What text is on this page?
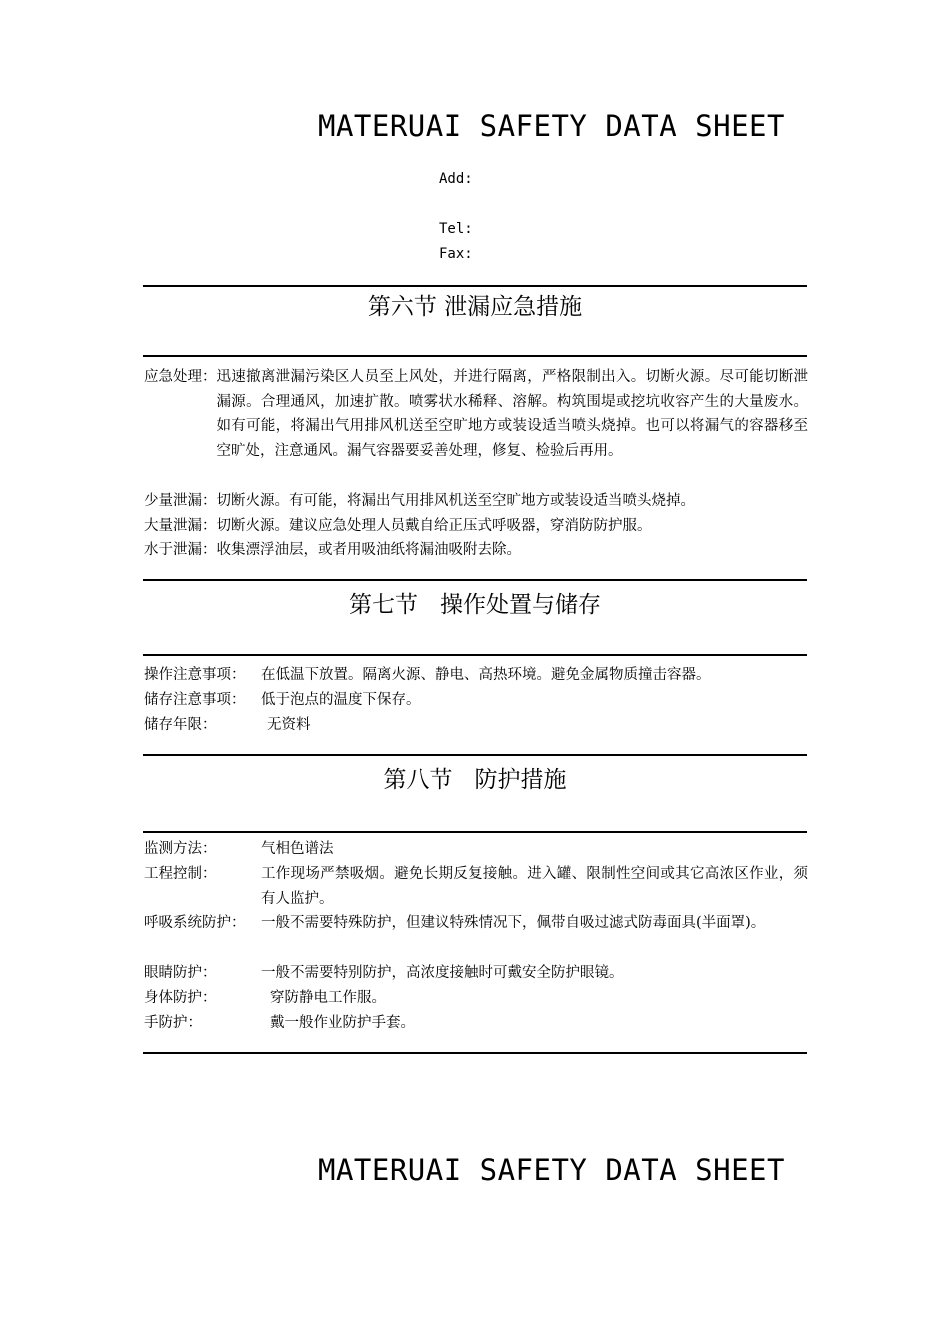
MATERUAI SAFETY DATA SHEET
Add:
Tel:
Fax:
第六节 泄漏应急措施
应急处理： 迅速撤离泄漏污染区人员至上风处，并进行隔离，严格限制出入。切断火源。尽可能切断泄漏源。合理通风，加速扩散。喷雾状水稀释、溶解。构筑围堤或挖坑收容产生的大量废水。如有可能，将漏出气用排风机送至空旷地方或装设适当喷头烧掉。也可以将漏气的容器移至空旷处，注意通风。漏气容器要妥善处理，修复、检验后再用。
少量泄漏： 切断火源。有可能，将漏出气用排风机送至空旷地方或装设适当喷头烧掉。
大量泄漏： 切断火源。建议应急处理人员戴自给正压式呼吸器，穿消防防护服。
水于泄漏： 收集漂浮油层，或者用吸油纸将漏油吸附去除。
第七节   操作处置与储存
操作注意事项：	在低温下放置。隔离火源、静电、高热环境。避免金属物质撞击容器。
储存注意事项：	低于泡点的温度下保存。
储存年限：	无资料
第八节   防护措施
监测方法：	气相色谱法
工程控制：	工作现场严禁吸烟。避免长期反复接触。进入罐、限制性空间或其它高浓区作业，须有人监护。
呼吸系统防护：	一般不需要特殊防护，但建议特殊情况下，佩带自吸过滤式防毒面具(半面罩)。
眼睛防护：	一般不需要特别防护，高浓度接触时可戴安全防护眼镜。
身体防护：	穿防静电工作服。
手防护：	戴一般作业防护手套。
MATERUAI SAFETY DATA SHEET
